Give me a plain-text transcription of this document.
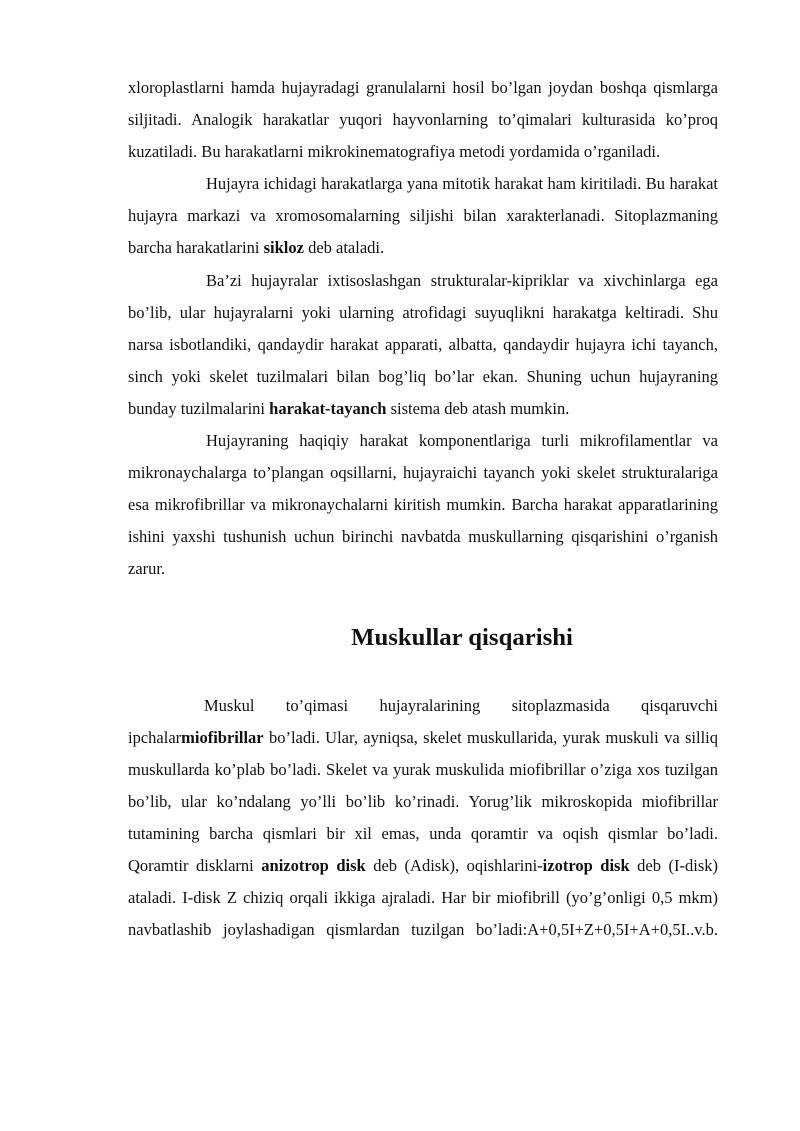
xloroplastlarni hamda hujayradagi granulalarni hosil bo’lgan joydan boshqa qismlarga siljitadi. Analogik harakatlar yuqori hayvonlarning to’qimalari kulturasida ko’proq kuzatiladi. Bu harakatlarni mikrokinematografiya metodi yordamida o’rganiladi.

Hujayra ichidagi harakatlarga yana mitotik harakat ham kiritiladi. Bu harakat hujayra markazi va xromosomalarning siljishi bilan xarakterlanadi. Sitoplazmaning barcha harakatlarini sikloz deb ataladi.

Ba’zi hujayralar ixtisoslashgan strukturalar-kipriklar va xivchinlarga ega bo’lib, ular hujayralarni yoki ularning atrofidagi suyuqlikni harakatga keltiradi. Shu narsa isbotlandiki, qandaydir harakat apparati, albatta, qandaydir hujayra ichi tayanch, sinch yoki skelet tuzilmalari bilan bog’liq bo’lar ekan. Shuning uchun hujayraning bunday tuzilmalarini harakat-tayanch sistema deb atash mumkin.

Hujayraning haqiqiy harakat komponentlariga turli mikrofilamentlar va mikronaychalarga to’plangan oqsillarni, hujayraichi tayanch yoki skelet strukturalariga esa mikrofibrillar va mikronaychalarni kiritish mumkin. Barcha harakat apparatlarining ishini yaxshi tushunish uchun birinchi navbatda muskullarning qisqarishini o’rganish zarur.

Muskullar qisqarishi

Muskul to’qimasi hujayralarining sitoplazmasida qisqaruvchi ipchalarmiofibrillar bo’ladi. Ular, ayniqsa, skelet muskullarida, yurak muskuli va silliq muskullarda ko’plab bo’ladi. Skelet va yurak muskulida miofibrillar o’ziga xos tuzilgan bo’lib, ular ko’ndalang yo’lli bo’lib ko’rinadi. Yorug’lik mikroskopida miofibrillar tutamining barcha qismlari bir xil emas, unda qoramtir va oqish qismlar bo’ladi. Qoramtir disklarni anizotrop disk deb (Adisk), oqishlarini-izotrop disk deb (I-disk) ataladi. I-disk Z chiziq orqali ikkiga ajraladi. Har bir miofibrill (yo’g’onligi 0,5 mkm) navbatlashib joylashadigan qismlardan tuzilgan bo’ladi:A+0,5I+Z+0,5I+A+0,5I..v.b.
